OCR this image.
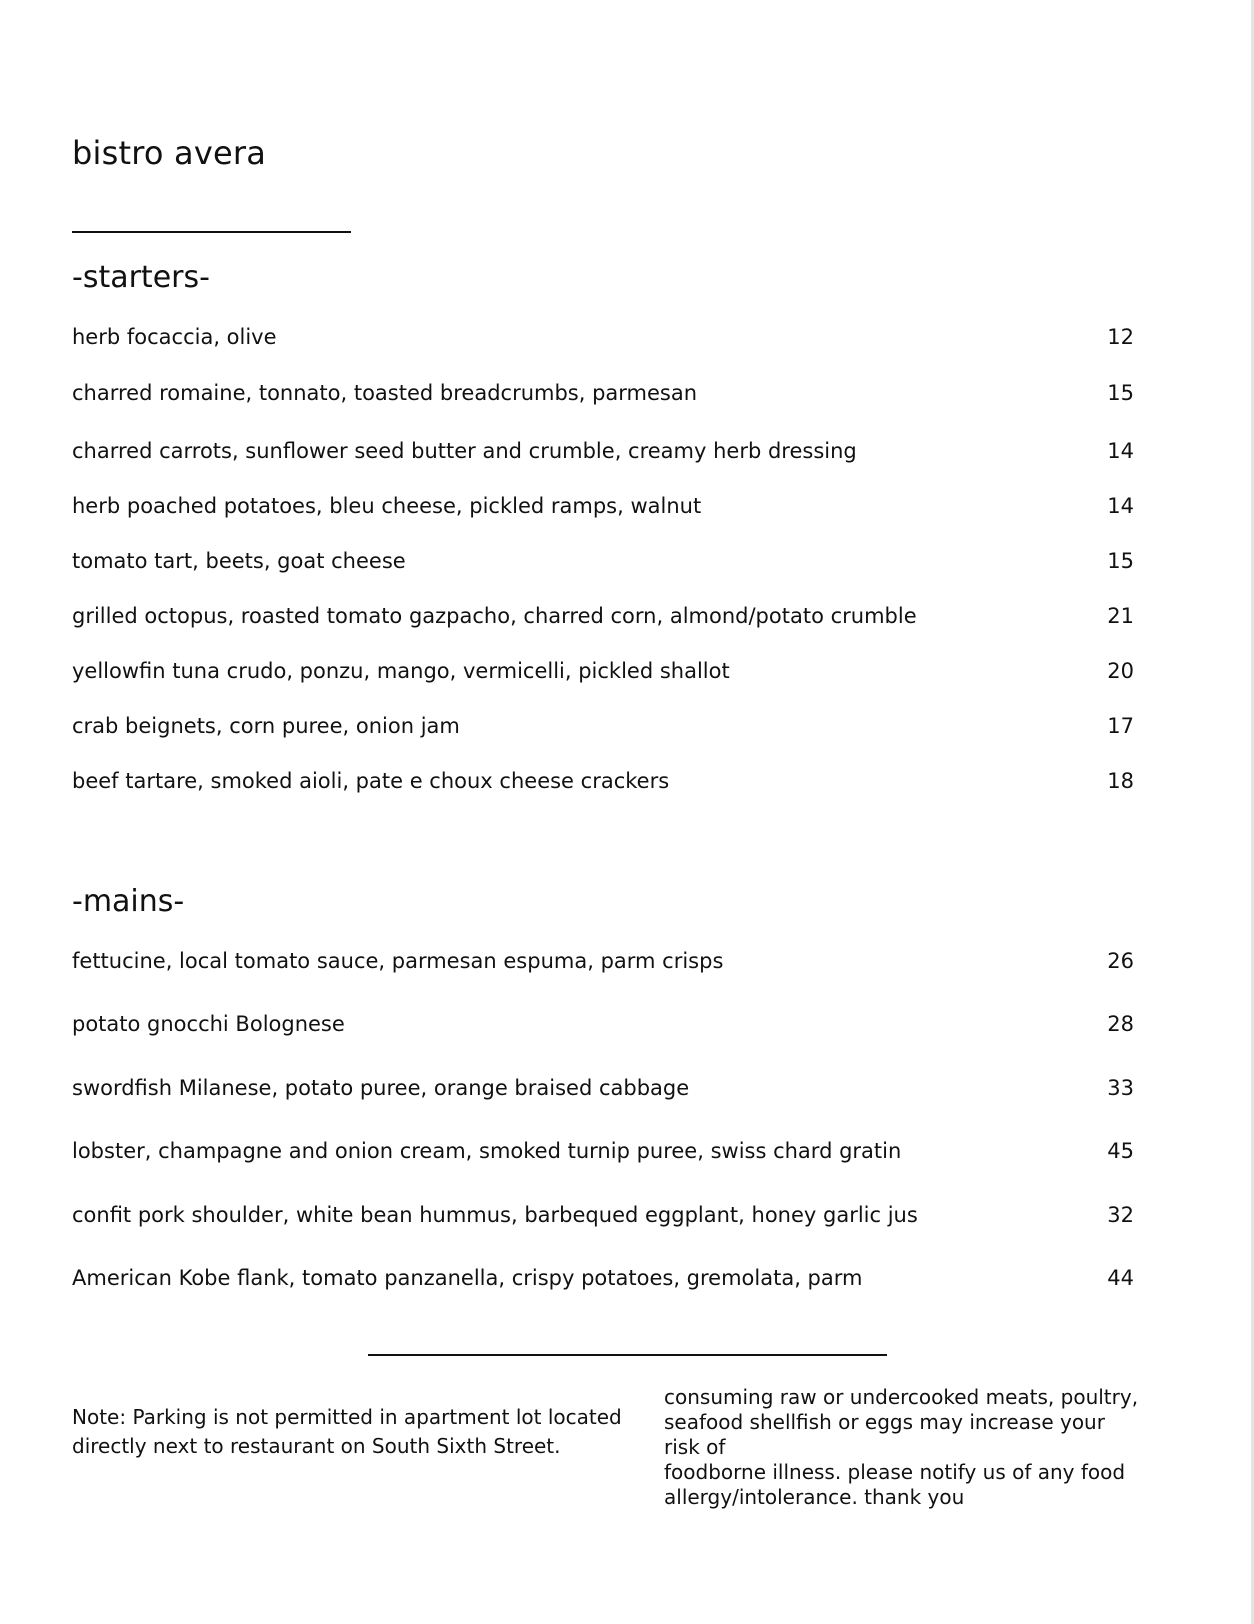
bistro avera
-starters-
herb focaccia, olive	12
charred romaine, tonnato, toasted breadcrumbs, parmesan	15
charred carrots, sunflower seed butter and crumble, creamy herb dressing	14
herb poached potatoes, bleu cheese, pickled ramps, walnut	14
tomato tart, beets, goat cheese	15
grilled octopus, roasted tomato gazpacho, charred corn, almond/potato crumble	21
yellowfin tuna crudo, ponzu, mango, vermicelli, pickled shallot	20
crab beignets, corn puree, onion jam	17
beef tartare, smoked aioli, pate e choux cheese crackers	18
-mains-
fettucine, local tomato sauce, parmesan espuma, parm crisps	26
potato gnocchi Bolognese	28
swordfish Milanese, potato puree, orange braised cabbage	33
lobster, champagne and onion cream, smoked turnip puree, swiss chard gratin	45
confit pork shoulder, white bean hummus, barbequed eggplant, honey garlic jus	32
American Kobe flank, tomato panzanella, crispy potatoes, gremolata, parm	44
Note: Parking is not permitted in apartment lot located
directly next to restaurant on South Sixth Street.
consuming raw or undercooked meats, poultry,
seafood shellfish or eggs may increase your risk of
foodborne illness. please notify us of any food
allergy/intolerance. thank you
